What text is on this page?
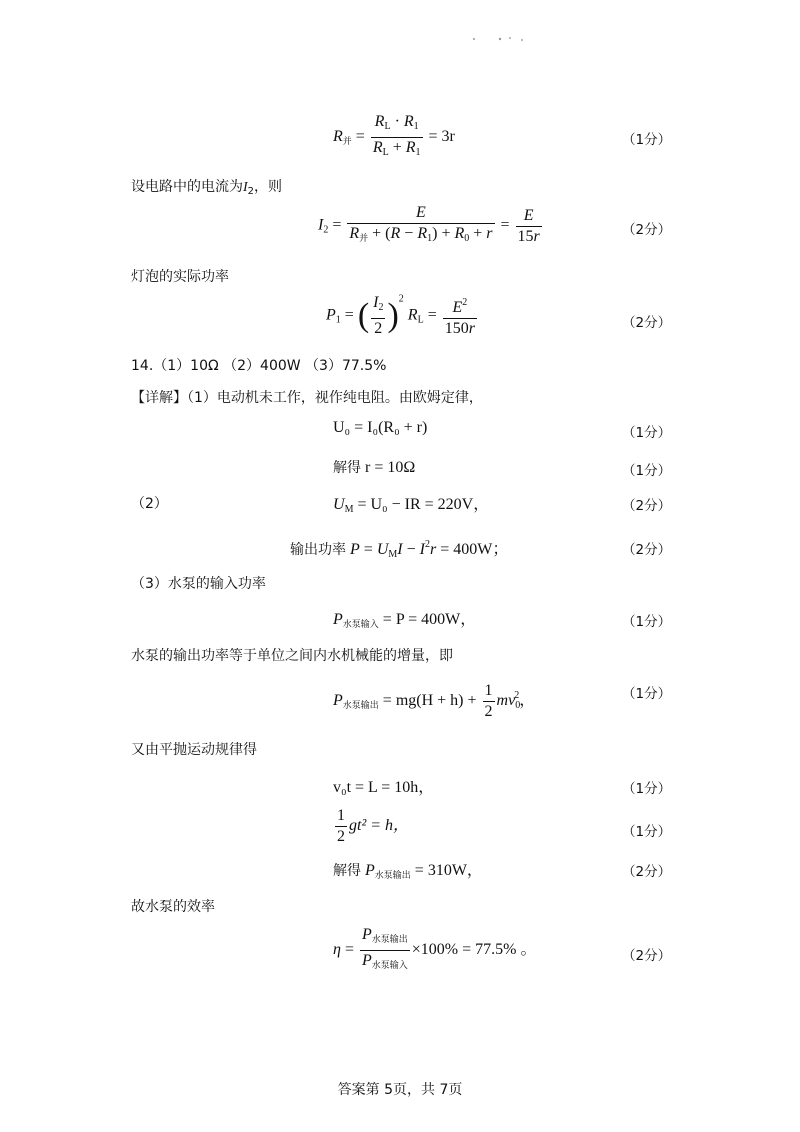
$R_并 = \frac{R_L \cdot R_1}{R_L + R_1} = 3r$	（1分）
设电路中的电流为$I_2$，则
$I_2 = \frac{E}{R_并 + (R - R_1) + R_0 + r} = \frac{E}{15r}$	（2分）
灯泡的实际功率
$P_1$ = ( $\frac{I_2}{2} )^2$ $R_L = \frac{E^2}{150r}$	（2分）
14.（1）10Ω （2）400W （3）77.5%
【详解】（1）电动机未工作，视作纯电阻。由欧姆定律，
U₀ = I₀(R₀ + r)	（1分）
解得 r = 10Ω	（1分）
（2）	$U_M = U_0$ − IR = 220V，	（2分）
输出功率 $P = U_MI - I^2r = 400W$；	（2分）
（3）水泵的输入功率
$P_{水泵输入} = P = 400W$，	（1分）
水泵的输出功率等于单位之间内水机械能的增量，即
$P_{水泵输出} = mg(H + h) + \frac{1}{2} mv_0^2$，	（1分）
又由平抛运动规律得
v₀t = L = 10h，	（1分）
$\frac{1}{2} gt^2 = h$，	（1分）
解得 $P_{水泵输出} = 310W$，	（2分）
故水泵的效率
$\eta = \frac{P_{水泵输出}}{P_{水泵输入}} \times 100\% = 77.5\%$ 。	（2分）
答案第 5页，共 7页
